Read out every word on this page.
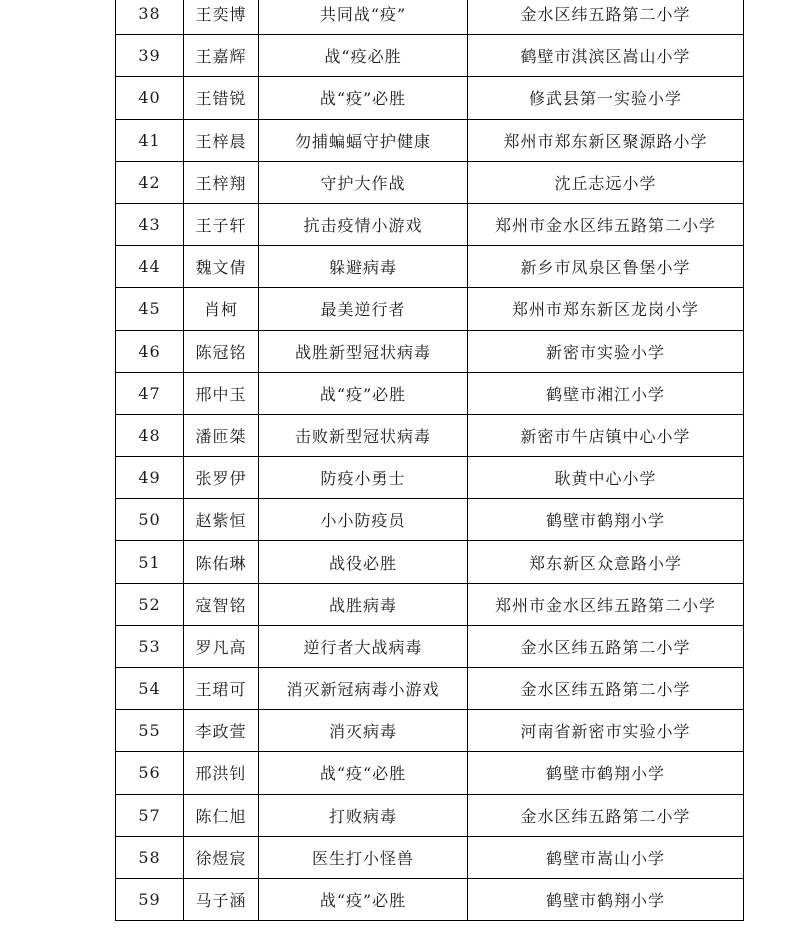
38	王奕博	共同战“疫”	金水区纬五路第二小学
39	王嘉辉	战“疫必胜	鹤壁市淇滨区嵩山小学
40	王错锐	战“疫”必胜	修武县第一实验小学
41	王梓晨	勿捕蝙蝠守护健康	郑州市郑东新区聚源路小学
42	王梓翔	守护大作战	沈丘志远小学
43	王子轩	抗击疫情小游戏	郑州市金水区纬五路第二小学
44	魏文倩	躲避病毒	新乡市凤泉区鲁堡小学
45	肖柯	最美逆行者	郑州市郑东新区龙岗小学
46	陈冠铭	战胜新型冠状病毒	新密市实验小学
47	邢中玉	战“疫”必胜	鹤壁市湘江小学
48	潘匝桀	击败新型冠状病毒	新密市牛店镇中心小学
49	张罗伊	防疫小勇士	耿黄中心小学
50	赵紫恒	小小防疫员	鹤壁市鹤翔小学
51	陈佑琳	战役必胜	郑东新区众意路小学
52	寇智铭	战胜病毒	郑州市金水区纬五路第二小学
53	罗凡高	逆行者大战病毒	金水区纬五路第二小学
54	王珺可	消灭新冠病毒小游戏	金水区纬五路第二小学
55	李政萱	消灭病毒	河南省新密市实验小学
56	邢洪钊	战“疫“必胜	鹤壁市鹤翔小学
57	陈仁旭	打败病毒	金水区纬五路第二小学
58	徐煜宸	医生打小怪兽	鹤壁市嵩山小学
59	马子涵	战“疫”必胜	鹤壁市鹤翔小学
